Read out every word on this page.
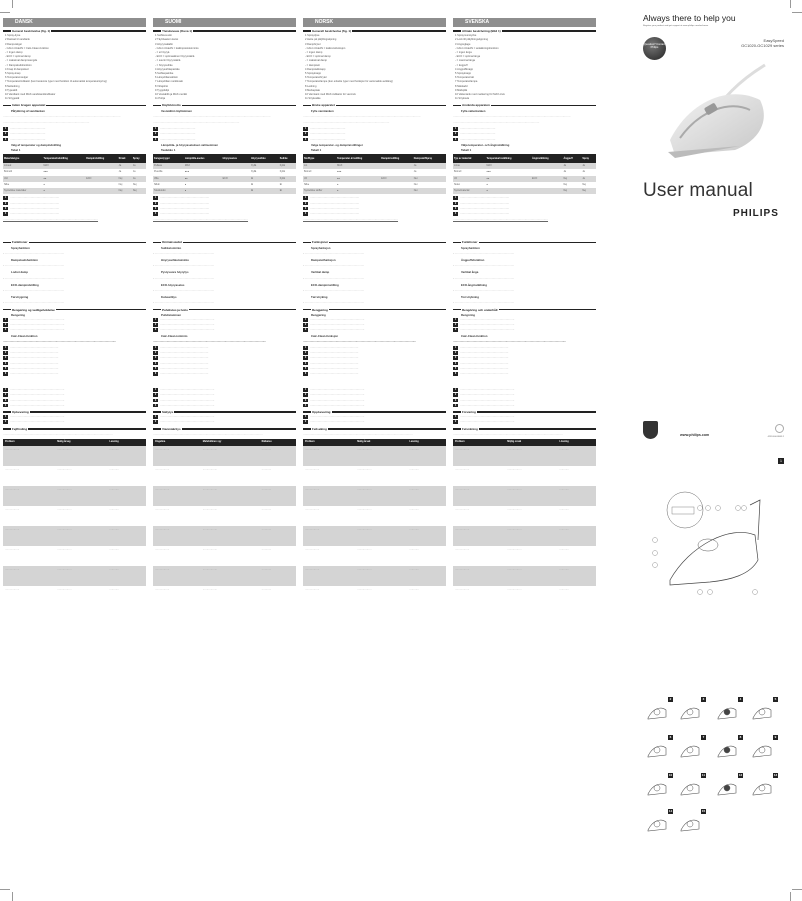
DANSK
Generel beskrivelse (fig. 1)
1 Spray-dyse
2 Dæksel til vandtank
3 Dampvælger
- CALC-CLEAN = Calc-Clean-funktion
- = Ingen damp
- ECO = optimal damp
- = maksimal dampmængde
- = Dampskudsfunktion
4 Knap til dampskud
5 Spray-knap
6 Temperaturvælger
7 Temperaturindikator (kun bestemte typer med funktion til automatisk temperaturstyring)
8 Netledning
9 Typeskilt
10 Vandtank med MAX-vandstandsindikator
11 Strygesål
Inden brugen apparatet
Påfyldning af vandtanken
········································································································································
····································································································
1	·········································
2	·········································
3	·········································
Valg af temperatur og dampindstilling
Tabel 1
Materialetype	Temperaturindstilling	Dampindstilling	Stræk	Spray
Linned	MAX		Ja	Ja
Bomuld	●●●		Ja	Ja
Uld	●●	ECO	Nej	Ja
Silke	●		Nej	Nej
Syntetiske materialer	●		Nej	Nej
1	·························································
2	·························································
3	·························································
4	·························································
··············································································································
Funktioner
Sprayfunktion
- ·····································································
Dampskudsfunktion
- ·····································································
Lodret damp
- ·····································································
ECO-dampindstilling
- ·····································································
Tørstrygning
- ·····································································
Rengøring og vedligeholdelse
Rengøring
1	·······························································
2	·······························································
3	·······························································
Calc-Clean-funktion
···································································································································
1	························································
2	························································
3	························································
4	························································
5	························································
6	························································
1	·······························································
2	·······························································
3	·······························································
4	·······························································
Opbevaring
1	·······························································
2	·······························································
Fejlfinding
·······························································································································
Problem	Mulig årsag	Løsning
··················	··················	············
··················	··················	············
··················	··················	············
··················	··················	············
··················	··················	············
··················	··················	············
··················	··················	············
··················	··················	············
SUOMI
Yleiskuvaus (Kuva 1)
1 Suihkusuutin
2 Täyttöaukon kansi
3 Höyrynsäädin
- CALC-CLEAN = kalkinpoistotoiminto
- = ei höyryä
- ECO = optimaalinen höyrymäärä
- = suurin höyrymäärä
- = höyrysuihke
4 Höyrysuihkepainike
5 Suihkepainike
6 Lämpötilanvalitsin
7 Lämpötilan merkkivalo
8 Virtajohto
9 Tyyppikilpi
10 Vesisäiliö ja MAX-merkki
11 Pohja
Käyttöönotto
Vesisäiliön täyttäminen
········································································································································
····································································································
1	·········································
2	·········································
3	·········································
Lämpötila- ja höyryasetuksen valitseminen
Taulukko 1
Kangastyyppi	Lämpötila-asetus	Höyryasetus	Höyrysuihku	Suihke
Pellava	MAX		Kyllä	Kyllä
Puuvilla	●●●		Kyllä	Kyllä
Villa	●●	ECO	Ei	Kyllä
Silkki	●		Ei	Ei
Tekokuidut	●		Ei	Ei
1	·························································
2	·························································
3	·························································
4	·························································
··············································································································
Ominaisuudet
Suihketoiminto
- ·····································································
Höyrysuihkutoiminto
- ·····································································
Pystysuora höyrytys
- ·····································································
ECO-höyryasetus
- ·····································································
Kuivasilitys
- ·····································································
Puhdistus ja hoito
Puhdistaminen
1	·······························································
2	·······························································
3	·······························································
Calc-Clean-toiminto
···································································································································
1	························································
2	························································
3	························································
4	························································
5	························································
6	························································
1	·······························································
2	·······························································
3	·······························································
4	·······························································
Säilytys
1	·······························································
2	·······························································
Vianmääritys
·······························································································································
Ongelma	Mahdollinen syy	Ratkaisu
··················	··················	············
··················	··················	············
··················	··················	············
··················	··················	············
··················	··················	············
··················	··················	············
··················	··················	············
··················	··················	············
NORSK
Generell beskrivelse (fig. 1)
1 Spraydyse
2 Hette på påfyllingsåpning
3 Dampbryter
- CALC-CLEAN = kalkrensfunksjon
- = ingen damp
- ECO = optimal damp
- = maksimal damp
- = dampstøt
4 Dampstøtknapp
5 Sprayknapp
6 Temperaturbryter
7 Temperaturlampe (kun enkelte typer med funksjon for automatisk avslåing)
8 Ledning
9 Merkeplate
10 Vanntank med MAX-indikator for vannivå
11 Strykesåle
Bruke apparatet
Fylle vanntanken
········································································································································
····································································································
1	·········································
2	·········································
3	·········································
Velge temperatur- og dampinnstillinger
Tabell 1
Stofftype	Temperatur-innstilling	Dampinnstilling	Dampstøt/Spray
Lin	MAX		Ja
Bomull	●●●		Ja
Ull	●●	ECO	Nei
Silke	●		Nei
Syntetiske stoffer	●		Nei
1	·························································
2	·························································
3	·························································
4	·························································
··············································································································
Funksjoner
Sprayfunksjon
- ·····································································
Dampstøtfunksjon
- ·····································································
Vertikal damp
- ·····································································
ECO-dampinnstilling
- ·····································································
Tørrstryking
- ·····································································
Rengjøring
Rengjøring
1	·······························································
2	·······························································
3	·······························································
Calc-Clean-funksjon
···································································································································
1	························································
2	························································
3	························································
4	························································
5	························································
6	························································
1	·······························································
2	·······························································
3	·······························································
4	·······························································
Oppbevaring
1	·······························································
2	·······························································
Feilsøking
·······························································································································
Problem	Mulig årsak	Løsning
··················	··················	············
··················	··················	············
··················	··················	············
··················	··················	············
··················	··················	············
··················	··················	············
··················	··················	············
··················	··················	············
SVENSKA
Allmän beskrivning (Bild 1)
1 Spraymunstycke
2 Lock till påfyllningsöppning
3 Ångreglage
- CALC-CLEAN = avkalkningsfunktion
- = ingen ånga
- ECO = optimal ånga
- = maximal ånga
- = ångpuff
4 Ångpuffknapp
5 Sprayknapp
6 Temperaturratt
7 Temperaturlampa
8 Nätsladd
9 Märkplåt
10 Vattentank med markering för MAX-nivå
11 Stryksula
Använda apparaten
Fylla vattentanken
········································································································································
····································································································
1	·········································
2	·········································
3	·········································
Välja temperatur- och ånginställning
Tabell 1
Typ av material	Temperaturinställning	Ånginställning	Ångpuff	Spray
Linne	MAX		Ja	Ja
Bomull	●●●		Ja	Ja
Ull	●●	ECO	Nej	Ja
Siden	●		Nej	Nej
Syntetmaterial	●		Nej	Nej
1	·························································
2	·························································
3	·························································
4	·························································
··············································································································
Funktioner
Sprayfunktion
- ·····································································
Ångpuffsfunktion
- ·····································································
Vertikal ånga
- ·····································································
ECO-ånginställning
- ·····································································
Torrstrykning
- ·····································································
Rengöring och underhåll
Rengöring
1	·······························································
2	·······························································
3	·······························································
Calc-Clean-funktion
···································································································································
1	························································
2	························································
3	························································
4	························································
5	························································
6	························································
1	·······························································
2	·······························································
3	·······························································
4	·······························································
Förvaring
1	·······························································
2	·······························································
Felsökning
·······························································································································
Problem	Möjlig orsak	Lösning
··················	··················	············
··················	··················	············
··················	··················	············
··················	··················	············
··················	··················	············
··················	··················	············
··················	··················	············
··················	··················	············
Always there to help you
Register your product and get support at www.philips.com/welcome
Question? Contact Philips
EasySpeed
GC1020-GC1029 series
User manual
PHILIPS
www.philips.com	4239.000.8863.2
1
2	3	4	5
6	7	8	9
10	11	12	13
14	15
